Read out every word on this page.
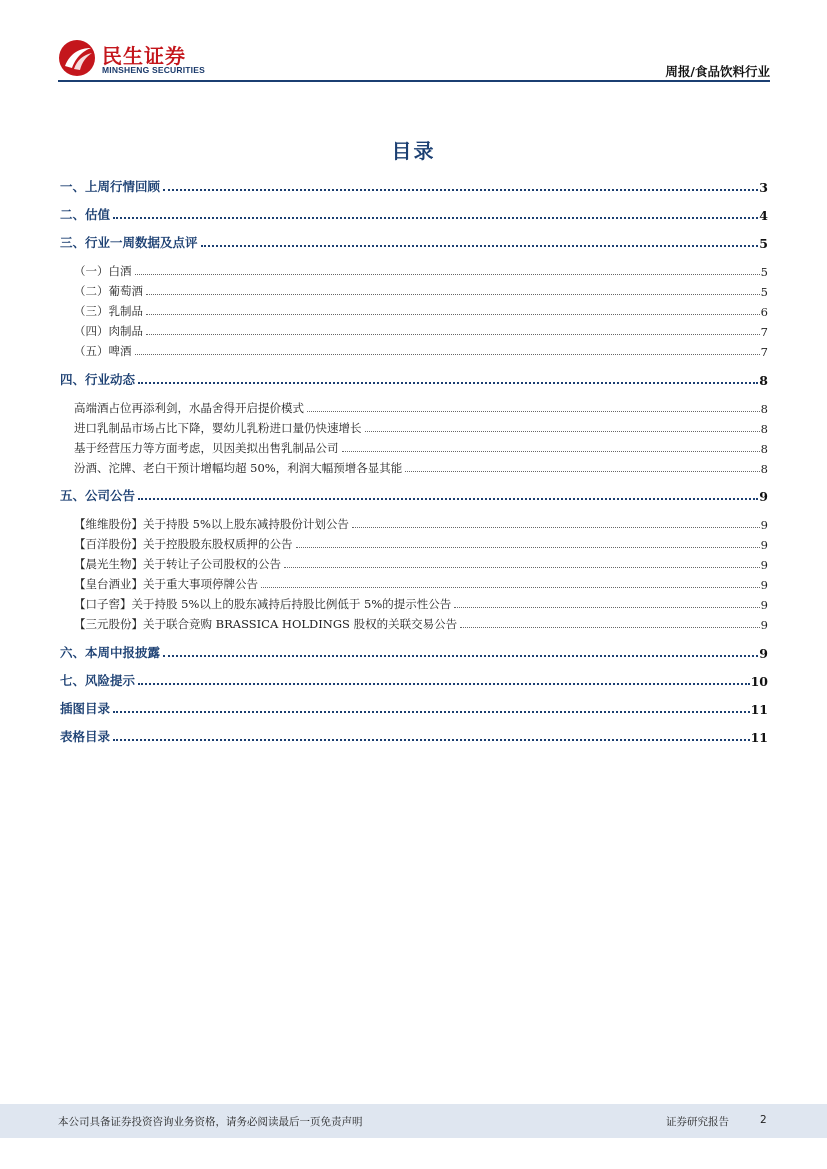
民生证券
MINSHENG SECURITIES	周报/食品饮料行业
目录
一、上周行情回顾	3
二、估值	4
三、行业一周数据及点评	5
（一）白酒	5
（二）葡萄酒	5
（三）乳制品	6
（四）肉制品	7
（五）啤酒	7
四、行业动态	8
高端酒占位再添利剑，水晶舍得开启提价模式	8
进口乳制品市场占比下降，婴幼儿乳粉进口量仍快速增长	8
基于经营压力等方面考虑，贝因美拟出售乳制品公司	8
汾酒、沱牌、老白干预计增幅均超 50%，利润大幅预增各显其能	8
五、公司公告	9
【维维股份】关于持股 5%以上股东减持股份计划公告	9
【百洋股份】关于控股股东股权质押的公告	9
【晨光生物】关于转让子公司股权的公告	9
【皇台酒业】关于重大事项停牌公告	9
【口子窖】关于持股 5%以上的股东减持后持股比例低于 5%的提示性公告	9
【三元股份】关于联合竞购 BRASSICA HOLDINGS 股权的关联交易公告	9
六、本周中报披露	9
七、风险提示	10
插图目录	11
表格目录	11
本公司具备证券投资咨询业务资格，请务必阅读最后一页免责声明	证券研究报告	2
